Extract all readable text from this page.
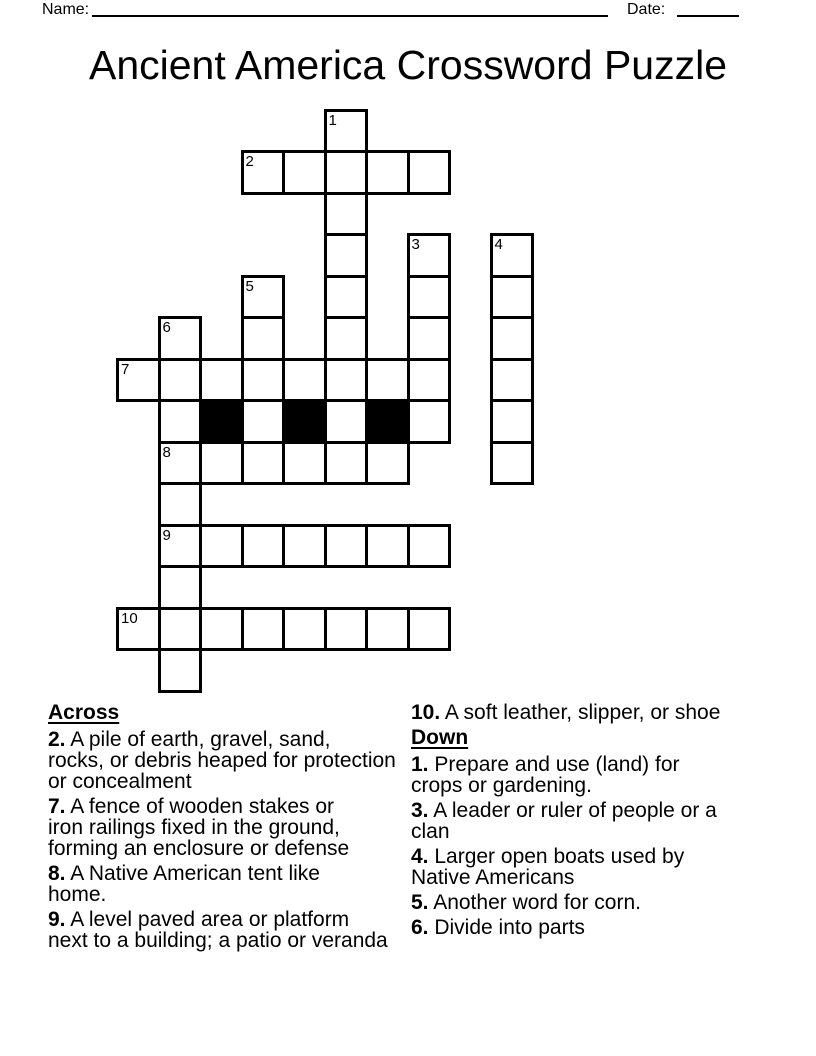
Name:	Date:
Ancient America Crossword Puzzle
1
2
3	4
5
6
7
8
9
10
Across
2. A pile of earth, gravel, sand,
rocks, or debris heaped for protection
or concealment
7. A fence of wooden stakes or
iron railings fixed in the ground,
forming an enclosure or defense
8. A Native American tent like
home.
9. A level paved area or platform
next to a building; a patio or veranda
10. A soft leather, slipper, or shoe
Down
1. Prepare and use (land) for
crops or gardening.
3. A leader or ruler of people or a
clan
4. Larger open boats used by
Native Americans
5. Another word for corn.
6. Divide into parts
